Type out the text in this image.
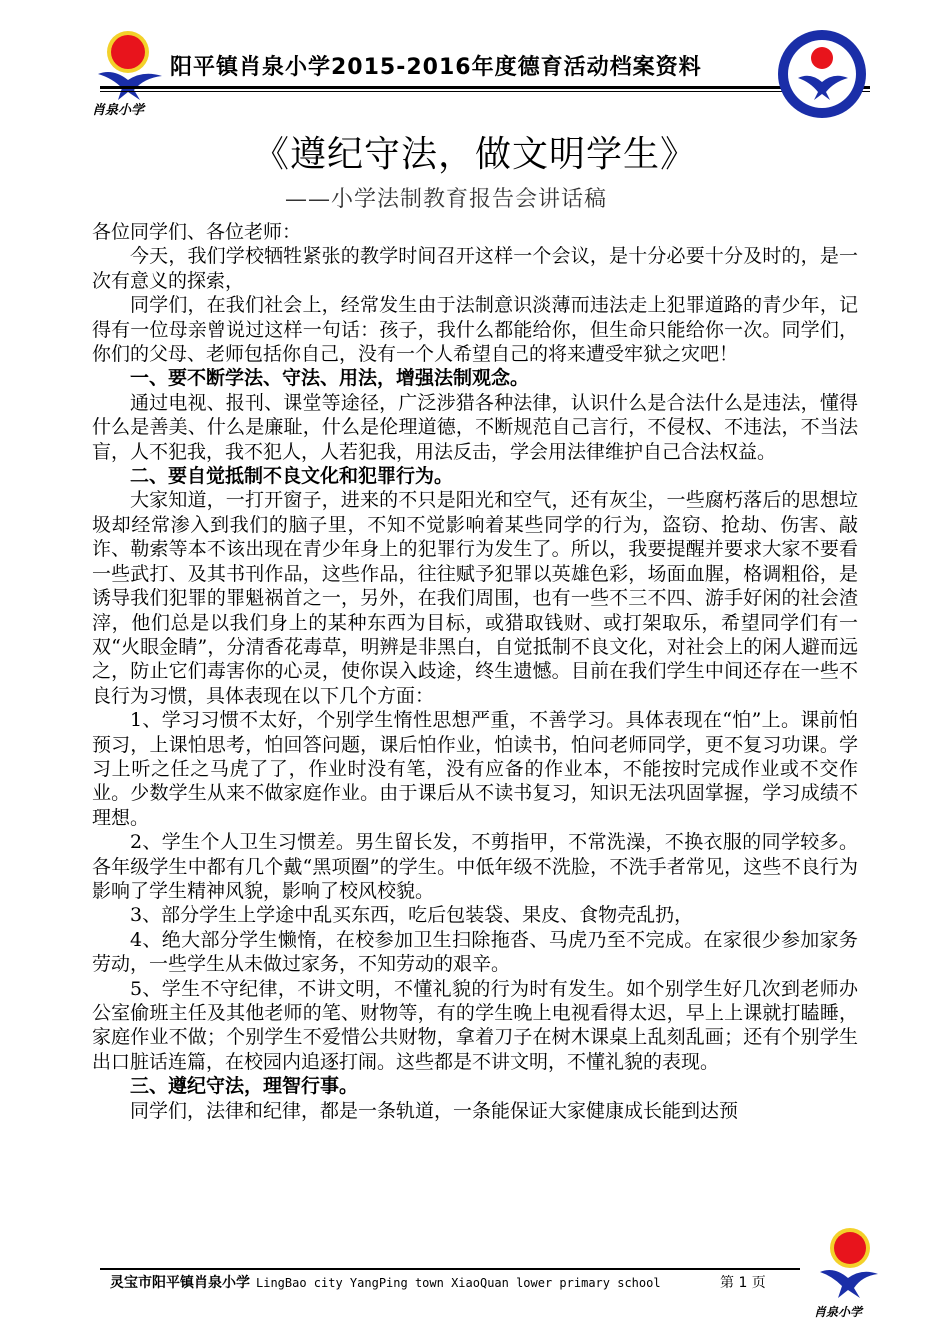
肖泉小学
阳平镇肖泉小学2015-2016年度德育活动档案资料
《遵纪守法，做文明学生》
——小学法制教育报告会讲话稿

各位同学们、各位老师：

今天，我们学校牺牲紧张的教学时间召开这样一个会议，是十分必要十分及时的，是一次有意义的探索，

同学们，在我们社会上，经常发生由于法制意识淡薄而违法走上犯罪道路的青少年，记得有一位母亲曾说过这样一句话：孩子，我什么都能给你，但生命只能给你一次。同学们，你们的父母、老师包括你自己，没有一个人希望自己的将来遭受牢狱之灾吧！

一、要不断学法、守法、用法，增强法制观念。

通过电视、报刊、课堂等途径，广泛涉猎各种法律，认识什么是合法什么是违法，懂得什么是善美、什么是廉耻，什么是伦理道德，不断规范自己言行，不侵权、不违法，不当法盲，人不犯我，我不犯人，人若犯我，用法反击，学会用法律维护自己合法权益。

二、要自觉抵制不良文化和犯罪行为。

大家知道，一打开窗子，进来的不只是阳光和空气，还有灰尘，一些腐朽落后的思想垃圾却经常渗入到我们的脑子里，不知不觉影响着某些同学的行为，盗窃、抢劫、伤害、敲诈、勒索等本不该出现在青少年身上的犯罪行为发生了。所以，我要提醒并要求大家不要看一些武打、及其书刊作品，这些作品，往往赋予犯罪以英雄色彩，场面血腥，格调粗俗，是诱导我们犯罪的罪魁祸首之一，另外，在我们周围，也有一些不三不四、游手好闲的社会渣滓，他们总是以我们身上的某种东西为目标，或猎取钱财、或打架取乐，希望同学们有一双“火眼金睛”，分清香花毒草，明辨是非黑白，自觉抵制不良文化，对社会上的闲人避而远之，防止它们毒害你的心灵，使你误入歧途，终生遗憾。目前在我们学生中间还存在一些不良行为习惯，具体表现在以下几个方面：

1、学习习惯不太好，个别学生惰性思想严重，不善学习。具体表现在“怕”上。课前怕预习，上课怕思考，怕回答问题，课后怕作业，怕读书，怕问老师同学，更不复习功课。学习上听之任之马虎了了，作业时没有笔，没有应备的作业本，不能按时完成作业或不交作业。少数学生从来不做家庭作业。由于课后从不读书复习，知识无法巩固掌握，学习成绩不理想。

2、学生个人卫生习惯差。男生留长发，不剪指甲，不常洗澡，不换衣服的同学较多。各年级学生中都有几个戴“黑项圈”的学生。中低年级不洗脸，不洗手者常见，这些不良行为影响了学生精神风貌，影响了校风校貌。

3、部分学生上学途中乱买东西，吃后包装袋、果皮、食物壳乱扔，

4、绝大部分学生懒惰，在校参加卫生扫除拖沓、马虎乃至不完成。在家很少参加家务劳动，一些学生从未做过家务，不知劳动的艰辛。

5、学生不守纪律，不讲文明，不懂礼貌的行为时有发生。如个别学生好几次到老师办公室偷班主任及其他老师的笔、财物等，有的学生晚上电视看得太迟，早上上课就打瞌睡，家庭作业不做；个别学生不爱惜公共财物，拿着刀子在树木课桌上乱刻乱画；还有个别学生出口脏话连篇，在校园内追逐打闹。这些都是不讲文明，不懂礼貌的表现。

三、遵纪守法，理智行事。

同学们，法律和纪律，都是一条轨道，一条能保证大家健康成长能到达预

灵宝市阳平镇肖泉小学 LingBao city YangPing town XiaoQuan lower primary school	第 1 页
肖泉小学
